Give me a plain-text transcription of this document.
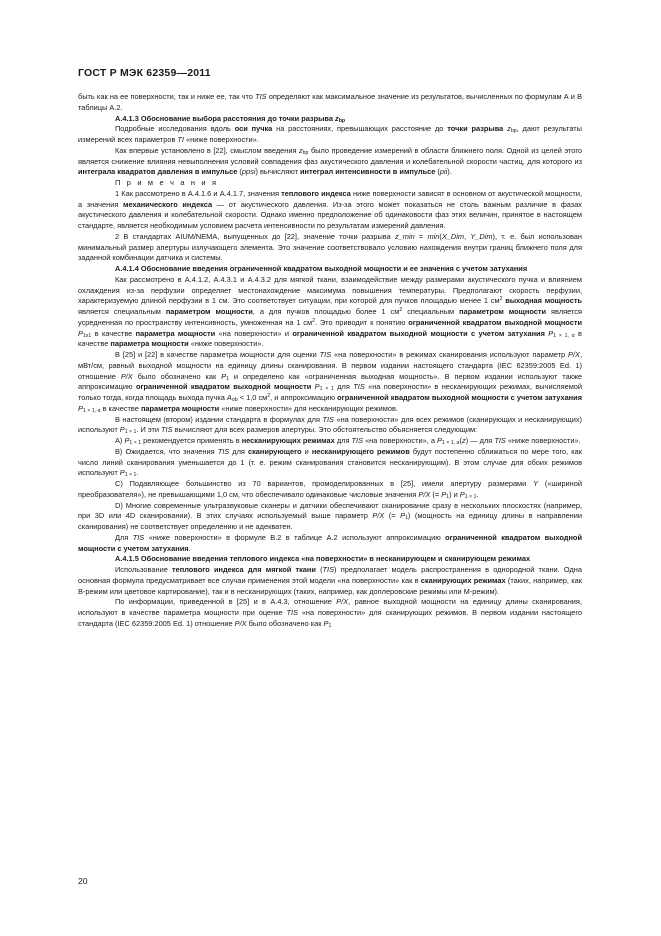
ГОСТ Р МЭК 62359—2011

быть как на ее поверхности, так и ниже ее, так что TIS определяют как максимальное значение из результатов, вычисленных по формулам А и В таблицы А.2.

А.4.1.3 Обоснование выбора расстояния до точки разрыва $z_{bp}$

Подробные исследования вдоль оси пучка на расстояниях, превышающих расстояние до точки разрыва $z_{bp}$, дают результаты измерений всех параметров TI «ниже поверхности».

Как впервые установлено в [22], смыслом введения $z_{bp}$ было проведение измерений в области ближнего поля. Одной из целей этого является снижение влияния невыполнения условий совпадения фаз акустического давления и колебательной скорости частиц, для которого из интеграла квадратов давления в импульсе (ppsi) вычисляют интеграл интенсивности в импульсе (pii).

П р и м е ч а н и я

1 Как рассмотрено в А.4.1.6 и А.4.1.7, значения теплового индекса ниже поверхности зависят в основном от акустической мощности, а значения механического индекса — от акустического давления. Из-за этого может показаться не столь важным различие в фазах акустического давления и колебательной скорости. Однако именно предположение об одинаковости фаз этих величин, принятое в настоящем стандарте, является необходимым условием расчета интенсивности по результатам измерений давления.

2 В стандартах AIUM/NEMA, выпущенных до [22], значение точки разрыва z_min = min(X_Dim, Y_Dim), т. е. был использован минимальный размер апертуры излучающего элемента. Это значение соответствовало условию нахождения внутри границ ближнего поля для заданной комбинации датчика и системы.

А.4.1.4 Обоснование введения ограниченной квадратом выходной мощности и ее значения с учетом затухания

Как рассмотрено в А.4.1.2, А.4.3.1 и А.4.3.2 для мягкой ткани, взаимодействие между размерами акустического пучка и влиянием охлаждения из-за перфузии определяет местонахождение максимума повышения температуры. Предполагают скорость перфузии, характеризуемую длиной перфузии в 1 см. Это соответствует ситуации, при которой для пучков площадью менее 1 $см^2$ выходная мощность является специальным параметром мощности, а для пучков площадью более 1 $см^2$ специальным параметром мощности является усредненная по пространству интенсивность, умноженная на 1 $см^2$. Это приводит к понятию ограниченной квадратом выходной мощности $P_{1x1}$ в качестве параметра мощности «на поверхности» и ограниченной квадратом выходной мощности с учетом затухания $P_{1 \times 1, \alpha}$ в качестве параметра мощности «ниже поверхности».

В [25] и [22] в качестве параметра мощности для оценки TIS «на поверхности» в режимах сканирования используют параметр P/X, мВт/см, равный выходной мощности на единицу длины сканирования. В первом издании настоящего стандарта (IEC 62359:2005 Ed. 1) отношение P/X было обозначено как $P_1$ и определено как «ограниченная выходная мощность». В первом издании используют также аппроксимацию ограниченной квадратом выходной мощности $P_{1 \times 1}$ для TIS «на поверхности» в несканирующих режимах, вычисляемой только тогда, когда площадь выхода пучка $A_{ob} < 1,0$ $см^2$, и аппроксимацию ограниченной квадратом выходной мощности с учетом затухания $P_{1 \times 1, \alpha}$ в качестве параметра мощности «ниже поверхности» для несканирующих режимов.

В настоящем (втором) издании стандарта в формулах для TIS «на поверхности» для всех режимов (сканирующих и несканирующих) используют $P_{1 \times 1}$. И эти TIS вычисляют для всех размеров апертуры. Это обстоятельство объясняется следующим:

А) $P_{1 \times 1}$ рекомендуется применять в несканирующих режимах для TIS «на поверхности», а $P_{1 \times 1, \alpha}(z)$ — для TIS «ниже поверхности».

В) Ожидается, что значения TIS для сканирующего и несканирующего режимов будут постепенно сближаться по мере того, как число линий сканирования уменьшается до 1 (т. е. режим сканирования становится несканирующим). В этом случае для обоих режимов используют $P_{1 \times 1}$.

С) Подавляющее большинство из 70 вариантов, промоделированных в [25], имели апертуру размерами Y («шириной преобразователя»), не превышающими 1,0 см, что обеспечивало одинаковые числовые значения P/X (= $P_1$) и $P_{1 \times 1}$.

D) Многие современные ультразвуковые сканеры и датчики обеспечивают сканирование сразу в нескольких плоскостях (например, при 3D или 4D сканировании). В этих случаях используемый выше параметр P/X (= $P_1$) (мощность на единицу длины в направлении сканирования) не соответствует определению и не адекватен.

Для TIS «ниже поверхности» в формуле В.2 в таблице А.2 используют аппроксимацию ограниченной квадратом выходной мощности с учетом затухания.

А.4.1.5 Обоснование введения теплового индекса «на поверхности» в несканирующем и сканирующем режимах

Использование теплового индекса для мягкой ткани (TIS) предполагает модель распространения в однородной ткани. Одна основная формула предусматривает все случаи применения этой модели «на поверхности» как в сканирующих режимах (таких, например, как В-режим или цветовое картирование), так и в несканирующих (таких, например, как доплеровские режимы или М-режим).

По информации, приведенной в [25] и в А.4.3, отношение P/X, равное выходной мощности на единицу длины сканирования, используют в качестве параметра мощности при оценке TIS «на поверхности» для сканирующих режимов. В первом издании настоящего стандарта (IEC 62359:2005 Ed. 1) отношение P/X было обозначено как $P_1$

20
